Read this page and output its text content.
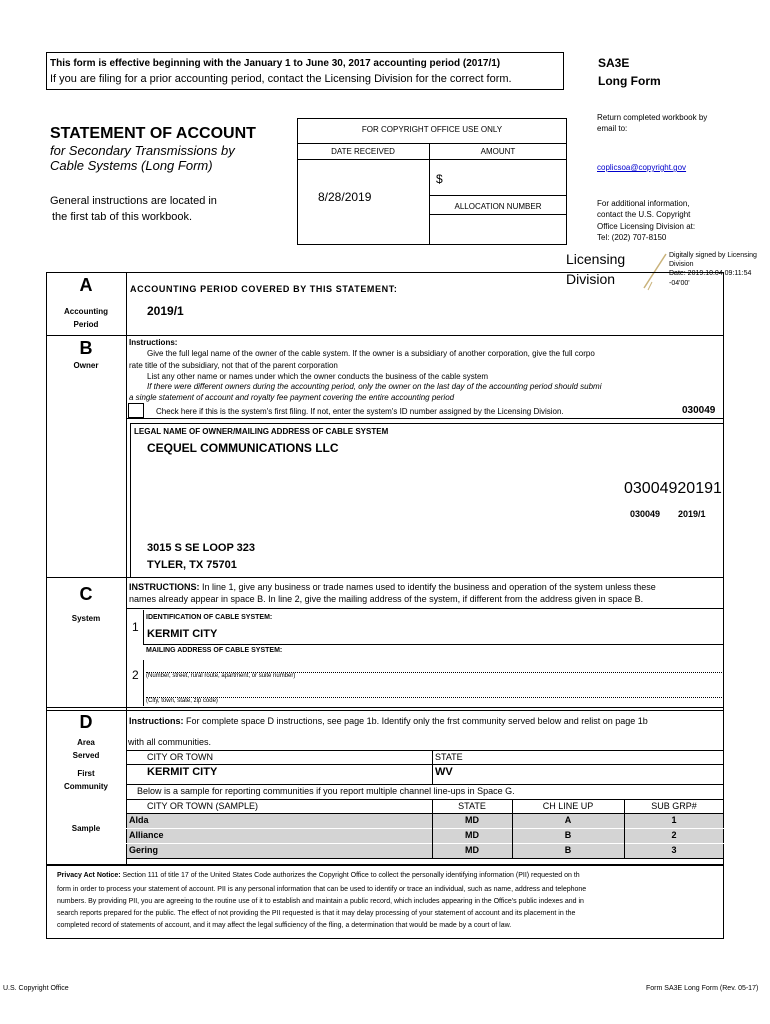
This form is effective beginning with the January 1 to June 30, 2017 accounting period (2017/1)
If you are filing for a prior accounting period, contact the Licensing Division for the correct form.
SA3E
Long Form
STATEMENT OF ACCOUNT
for Secondary Transmissions by
Cable Systems (Long Form)
General instructions are located in
the first tab of this workbook.
FOR COPYRIGHT OFFICE USE ONLY
DATE RECEIVED	AMOUNT
8/28/2019
$
ALLOCATION NUMBER
Return completed workbook by
email to:
coplicsoa@copyright.gov
For additional information,
contact the U.S. Copyright
Office Licensing Division at:
Tel: (202) 707-8150
Licensing
Division
Digitally signed by Licensing
Division
Date: 2019.10.04 09:11:54
-04'00'
A
Accounting
Period
ACCOUNTING PERIOD COVERED BY THIS STATEMENT:
2019/1
B
Owner
Instructions:
Give the full legal name of the owner of the cable system. If the owner is a subsidiary of another corporation, give the full corpo
rate title of the subsidiary, not that of the parent corporation
List any other name or names under which the owner conducts the business of the cable system
If there were different owners during the accounting period, only the owner on the last day of the accounting period should submi
a single statement of account and royalty fee payment covering the entire accounting period
Check here if this is the system's first filing. If not, enter the system's ID number assigned by the Licensing Division.	030049
LEGAL NAME OF OWNER/MAILING ADDRESS OF CABLE SYSTEM
CEQUEL COMMUNICATIONS LLC
03004920191
030049 2019/1
3015 S SE LOOP 323
TYLER, TX 75701
C
System
INSTRUCTIONS: In line 1, give any business or trade names used to identify the business and operation of the system unless these
names already appear in space B. In line 2, give the mailing address of the system, if different from the address given in space B.
1
IDENTIFICATION OF CABLE SYSTEM:
KERMIT CITY
MAILING ADDRESS OF CABLE SYSTEM:
2 (Number, street, rural route, apartment, or suite number)
(City, town, state, zip code)
D
Area
Served
First
Community
Sample
Instructions: For complete space D instructions, see page 1b. Identify only the frst community served below and relist on page 1b
with all communities.
CITY OR TOWN	STATE
KERMIT CITY	WV
Below is a sample for reporting communities if you report multiple channel line-ups in Space G.
CITY OR TOWN (SAMPLE)	STATE	CH LINE UP	SUB GRP#
Alda	MD	A	1
Alliance	MD	B	2
Gering	MD	B	3
Privacy Act Notice: Section 111 of title 17 of the United States Code authorizes the Copyright Office to collect the personally identifying information (PII) requested on th
form in order to process your statement of account. PII is any personal information that can be used to identify or trace an individual, such as name, address and telephone
numbers. By providing PII, you are agreeing to the routine use of it to establish and maintain a public record, which includes appearing in the Office's public indexes and in
search reports prepared for the public. The effect of not providing the PII requested is that it may delay processing of your statement of account and its placement in the
completed record of statements of account, and it may affect the legal sufficiency of the fling, a determination that would be made by a court of law.
U.S. Copyright Office	Form SA3E Long Form (Rev. 05-17)
